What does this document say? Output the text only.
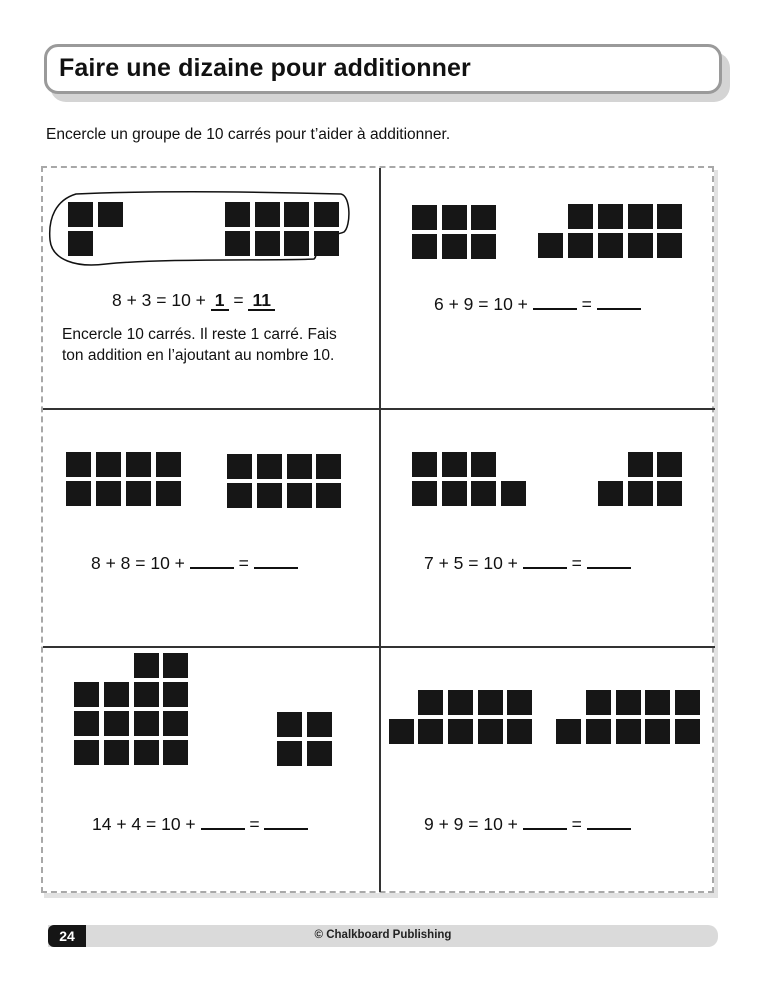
Faire une dizaine pour additionner
Encercle un groupe de 10 carrés pour t’aider à additionner.
8 + 3 = 10 + 1 = 11
Encercle 10 carrés. Il reste 1 carré. Fais ton addition en l’ajoutant au nombre 10.
6 + 9 = 10 +	=
8 + 8 = 10 +	=	7 + 5 = 10 +	=
14 + 4 = 10 +	=	9 + 9 = 10 +	=
24	© Chalkboard Publishing
